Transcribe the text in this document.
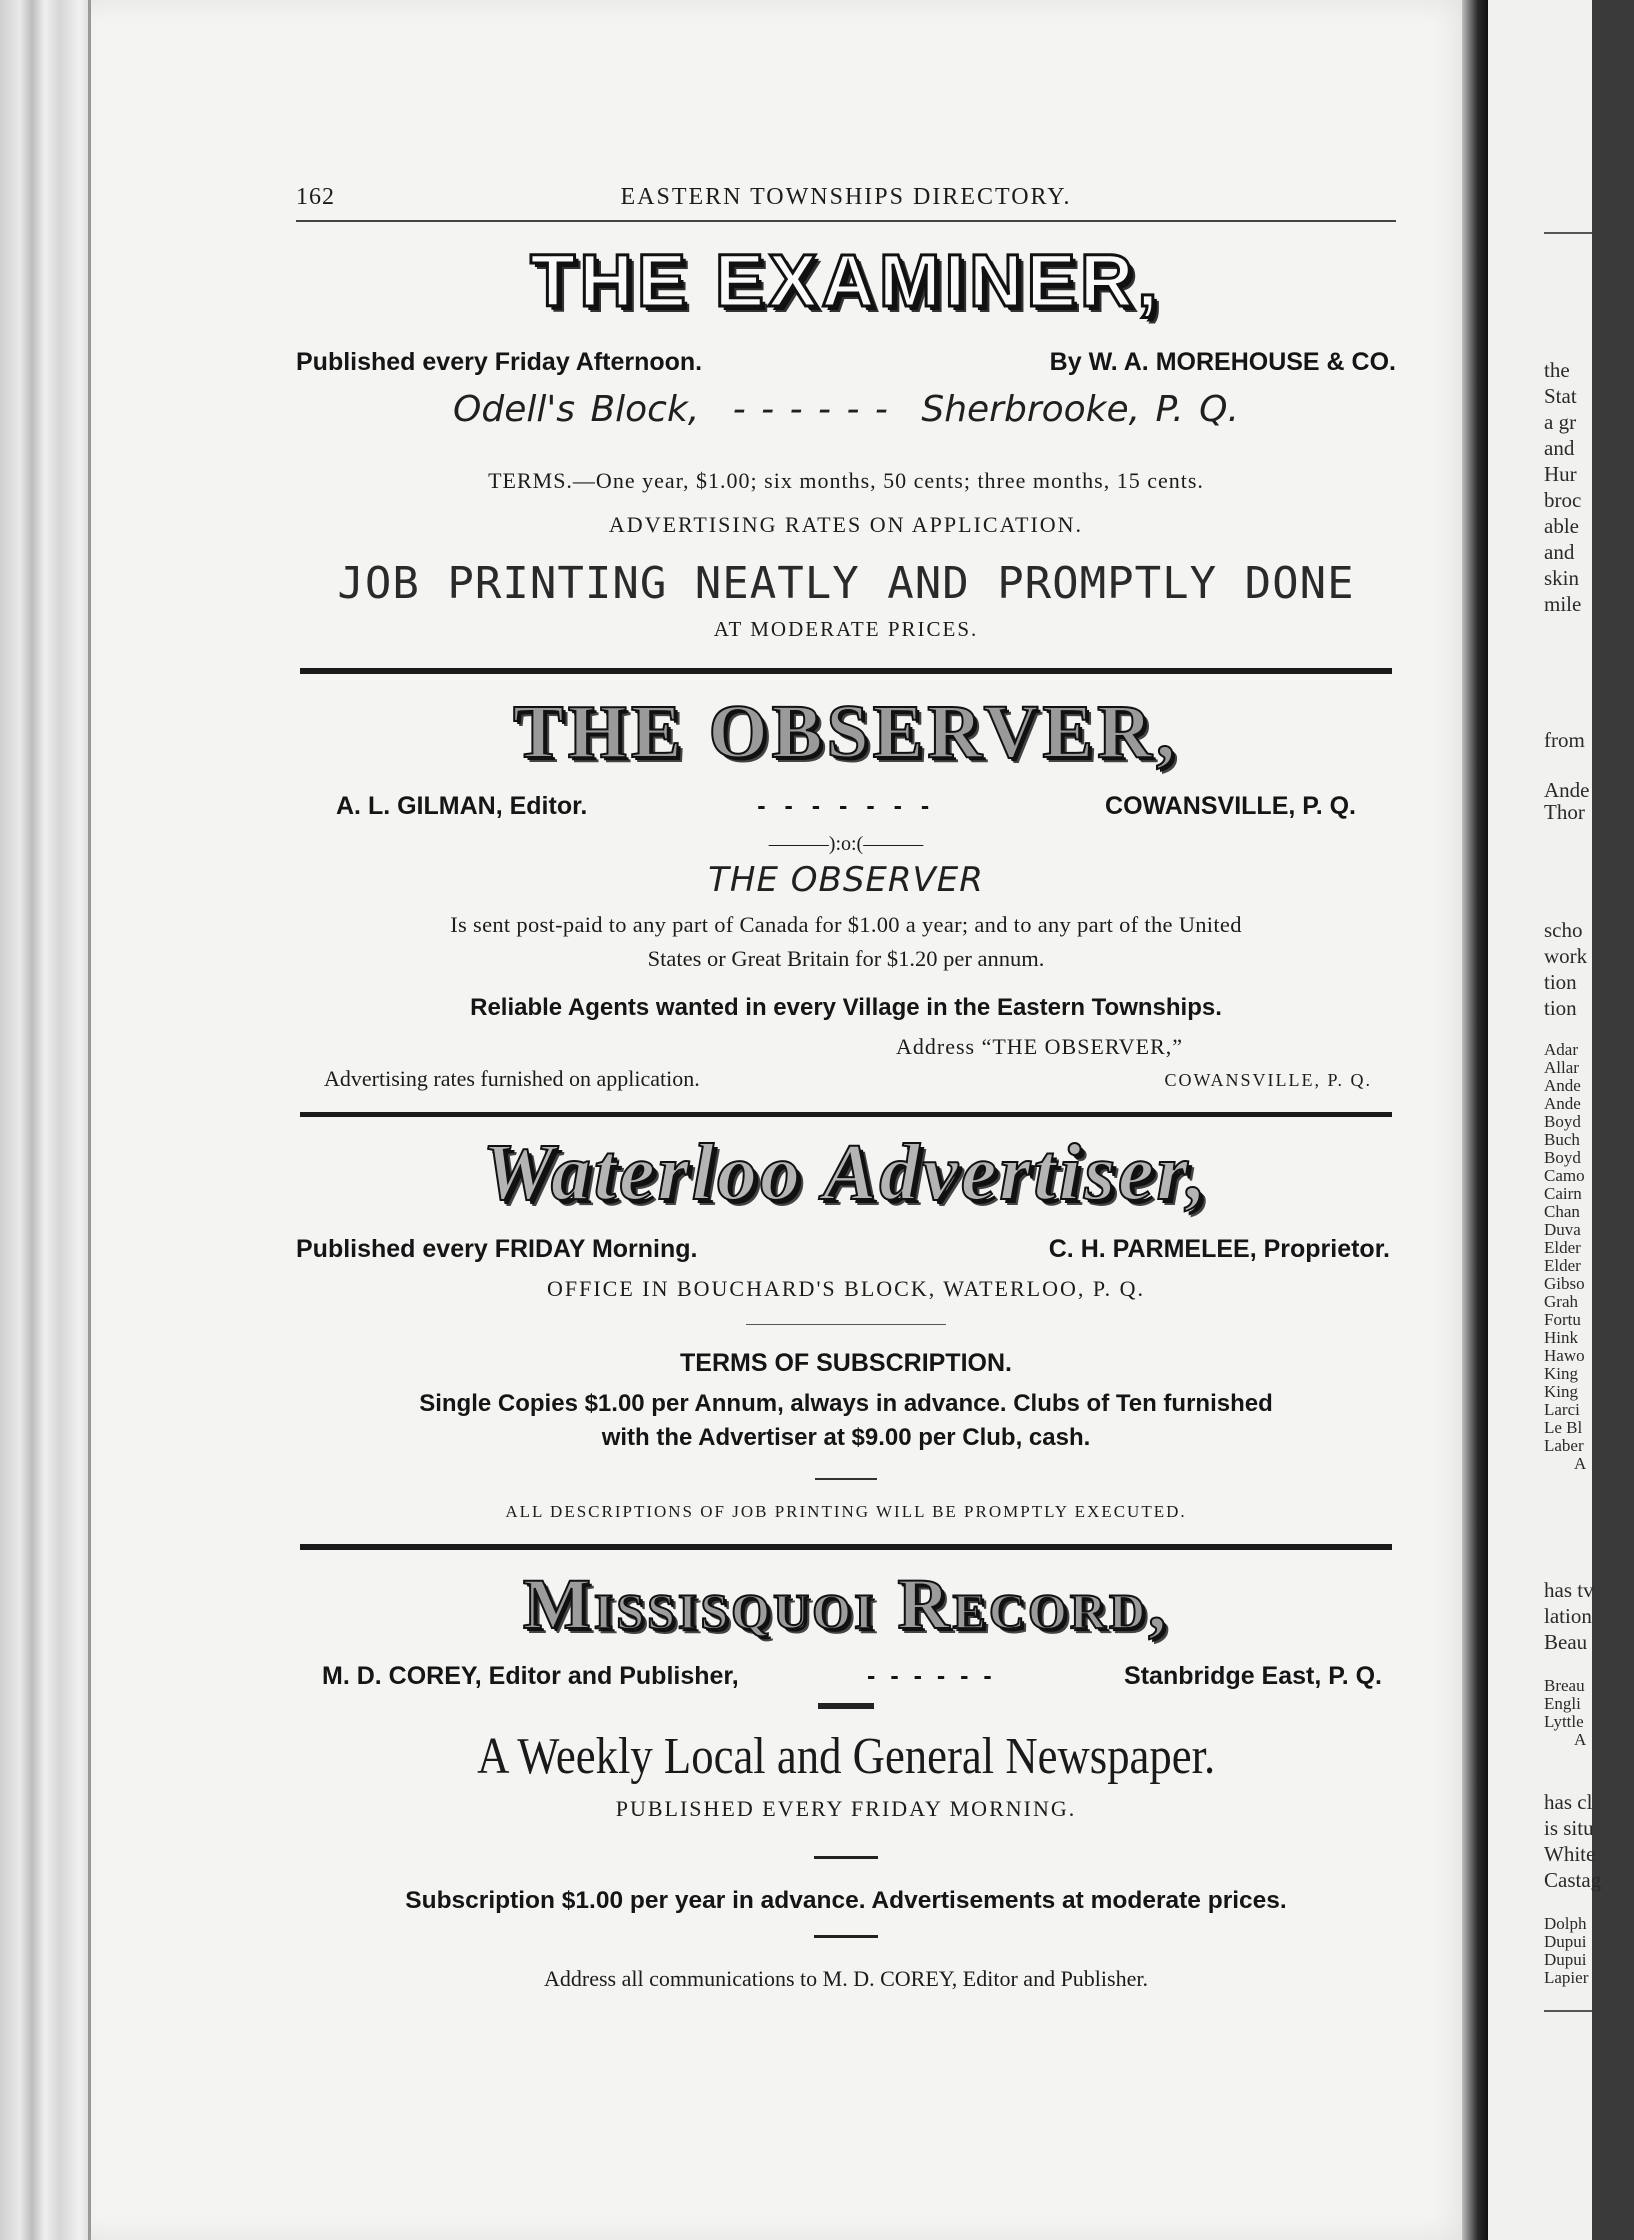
the
Stat
a gr
and
Hur
broc
able
and
skin
mile
from
Ande
Thor
scho
work
tion
tion
Adar
Allar
Ande
Ande
Boyd
Buch
Boyd
Camo
Cairn
Chan
Duva
Elder
Elder
Gibso
Grah
Fortu
Hink
Hawo
King
King
Larci
Le Bl
Laber
A
has tv
lation
Beau
Breau
Engli
Lyttle
A
has cl
is situ
White
Castag
Dolph
Dupui
Dupui
Lapier
162	EASTERN TOWNSHIPS DIRECTORY.
THE EXAMINER,
Published every Friday Afternoon.	By W. A. MOREHOUSE & CO.
Odell's Block, - - - - - - Sherbrooke, P. Q.
TERMS.—One year, $1.00; six months, 50 cents; three months, 15 cents.
ADVERTISING RATES ON APPLICATION.
JOB PRINTING NEATLY AND PROMPTLY DONE
AT MODERATE PRICES.
THE OBSERVER,
A. L. GILMAN, Editor.	- - - - - - -	COWANSVILLE, P. Q.
———):o:(———
THE OBSERVER
Is sent post-paid to any part of Canada for $1.00 a year; and to any part of the United
States or Great Britain for $1.20 per annum.
Reliable Agents wanted in every Village in the Eastern Townships.
Address “THE OBSERVER,”
Advertising rates furnished on application.	COWANSVILLE, P. Q.
Waterloo Advertiser,
Published every FRIDAY Morning.	C. H. PARMELEE, Proprietor.
OFFICE IN BOUCHARD'S BLOCK, WATERLOO, P. Q.
TERMS OF SUBSCRIPTION.
Single Copies $1.00 per Annum, always in advance. Clubs of Ten furnished
with the Advertiser at $9.00 per Club, cash.
ALL DESCRIPTIONS OF JOB PRINTING WILL BE PROMPTLY EXECUTED.
Missisquoi Record,
M. D. COREY, Editor and Publisher,	- - - - - -	Stanbridge East, P. Q.
A Weekly Local and General Newspaper.
PUBLISHED EVERY FRIDAY MORNING.
Subscription $1.00 per year in advance. Advertisements at moderate prices.
Address all communications to M. D. COREY, Editor and Publisher.
